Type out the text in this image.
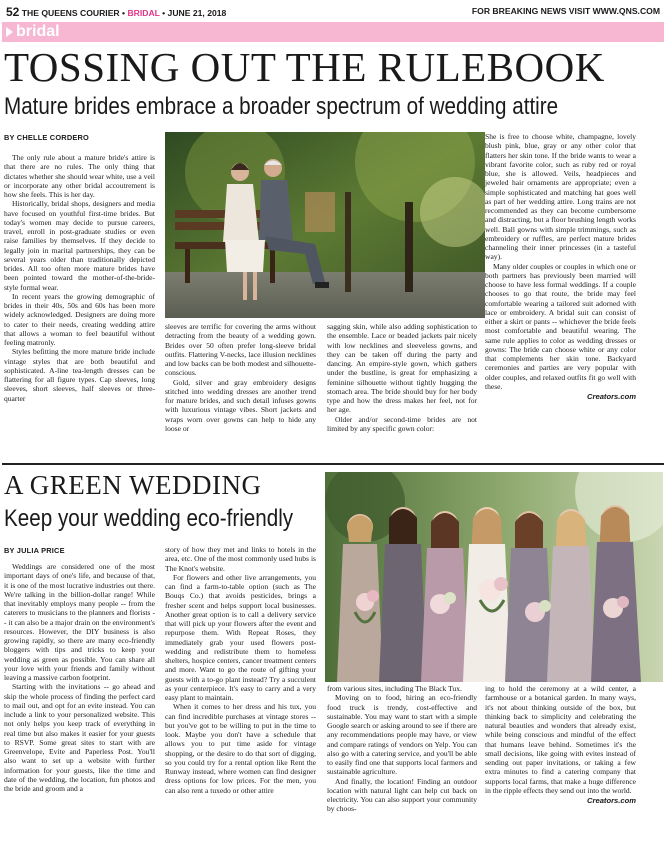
52 THE QUEENS COURIER • BRIDAL • JUNE 21, 2018	FOR BREAKING NEWS VISIT WWW.QNS.COM
bridal
TOSSING OUT THE RULEBOOK
Mature brides embrace a broader spectrum of wedding attire
BY CHELLE CORDERO

The only rule about a mature bride's attire is that there are no rules. The only thing that dictates whether she should wear white, use a veil or incorporate any other bridal accoutrement is how she feels. This is her day.

Historically, bridal shops, designers and media have focused on youthful first-time brides. But today's women may decide to pursue careers, travel, enroll in post-graduate studies or even raise families by themselves. If they decide to legally join in marital partnerships, they can be several years older than traditionally depicted brides. All too often more mature brides have been pointed toward the mother-of-the-bride-style formal wear.

In recent years the growing demographic of brides in their 40s, 50s and 60s has been more widely acknowledged. Designers are doing more to cater to their needs, creating wedding attire that allows a woman to feel beautiful without feeling matronly.

Styles befitting the more mature bride include vintage styles that are both beautiful and sophisticated. A-line tea-length dresses can be flattering for all figure types. Cap sleeves, long sleeves, short sleeves, half sleeves or three-quarter

sleeves are terrific for covering the arms without detracting from the beauty of a wedding gown. Brides over 50 often prefer long-sleeve bridal outfits. Flattering V-necks, lace illusion necklines and low backs can be both modest and silhouette-conscious.

Gold, silver and gray embroidery designs stitched into wedding dresses are another trend for mature brides, and such detail infuses gowns with luxurious vintage vibes. Short jackets and wraps worn over gowns can help to hide any loose or

sagging skin, while also adding sophistication to the ensemble. Lace or beaded jackets pair nicely with low necklines and sleeveless gowns, and they can be taken off during the party and dancing. An empire-style gown, which gathers under the bustline, is great for emphasizing a feminine silhouette without tightly hugging the stomach area. The bride should buy for her body type and how the dress makes her feel, not for her age.

Older and/or second-time brides are not limited by any specific gown color:

She is free to choose white, champagne, lovely blush pink, blue, gray or any other color that flatters her skin tone. If the bride wants to wear a vibrant favorite color, such as ruby red or royal blue, she is allowed. Veils, headpieces and jeweled hair ornaments are appropriate; even a simple sophisticated and matching hat goes well as part of her wedding attire. Long trains are not recommended as they can become cumbersome and distracting, but a floor brushing length works well. Ball gowns with simple trimmings, such as embroidery or ruffles, are perfect mature brides channeling their inner princesses (in a tasteful way).

Many older couples or couples in which one or both partners has previously been married will choose to have less formal weddings. If a couple chooses to go that route, the bride may feel comfortable wearing a tailored suit adorned with lace or embroidery. A bridal suit can consist of either a skirt or pants -- whichever the bride feels most comfortable and beautiful wearing. The same rule applies to color as wedding dresses or gowns: The bride can choose white or any color that complements her skin tone. Backyard ceremonies and parties are very popular with older couples, and relaxed outfits fit go well with these.

Creators.com
A GREEN WEDDING
Keep your wedding eco-friendly
BY JULIA PRICE

Weddings are considered one of the most important days of one's life, and because of that, it is one of the most lucrative industries out there. We're talking in the billion-dollar range! While that inevitably employs many people -- from the caterers to musicians to the planners and florists -- it can also be a major drain on the environment's resources. However, the DIY business is also growing rapidly, so there are many eco-friendly bloggers with tips and tricks to keep your wedding as green as possible. You can share all your love with your friends and family without leaving a massive carbon footprint.

Starting with the invitations -- go ahead and skip the whole process of finding the perfect card to mail out, and opt for an evite instead. You can include a link to your personalized website. This not only helps you keep track of everything in real time but also makes it easier for your guests to RSVP. Some great sites to start with are Greenvelope, Evite and Paperless Post. You'll also want to set up a website with further information for your guests, like the time and date of the wedding, the location, fun photos and the bride and groom and a

story of how they met and links to hotels in the area, etc. One of the most commonly used hubs is The Knot's website.

For flowers and other live arrangements, you can find a farm-to-table option (such as The Bouqs Co.) that avoids pesticides, brings a fresher scent and helps support local businesses. Another great option is to call a delivery service that will pick up your flowers after the event and repurpose them. With Repeat Roses, they immediately grab your used flowers post-wedding and redistribute them to homeless shelters, hospice centers, cancer treatment centers and more. Want to go the route of gifting your guests with a to-go plant instead? Try a succulent as your centerpiece. It's easy to carry and a very easy plant to maintain.

When it comes to her dress and his tux, you can find incredible purchases at vintage stores -- but you've got to be willing to put in the time to look. Maybe you don't have a schedule that allows you to put time aside for vintage shopping, or the desire to do that sort of digging, so you could try for a rental option like Rent the Runway instead, where women can find designer dress options for low prices. For the men, you can also rent a tuxedo or other attire

from various sites, including The Black Tux.

Moving on to food, hiring an eco-friendly food truck is trendy, cost-effective and sustainable. You may want to start with a simple Google search or asking around to see if there are any recommendations people may have, or view and compare ratings of vendors on Yelp. You can also go with a catering service, and you'll be able to easily find one that supports local farmers and sustainable agriculture.

And finally, the location! Finding an outdoor location with natural light can help cut back on electricity. You can also support your community by choos-

ing to hold the ceremony at a wild center, a farmhouse or a botanical garden. In many ways, it's not about thinking outside of the box, but thinking back to simplicity and celebrating the natural beauties and wonders that already exist, while being conscious and mindful of the effect that humans leave behind. Sometimes it's the small decisions, like going with evites instead of sending out paper invitations, or taking a few extra minutes to find a catering company that supports local farms, that make a huge difference in the ripple effects they send out into the world.

Creators.com
